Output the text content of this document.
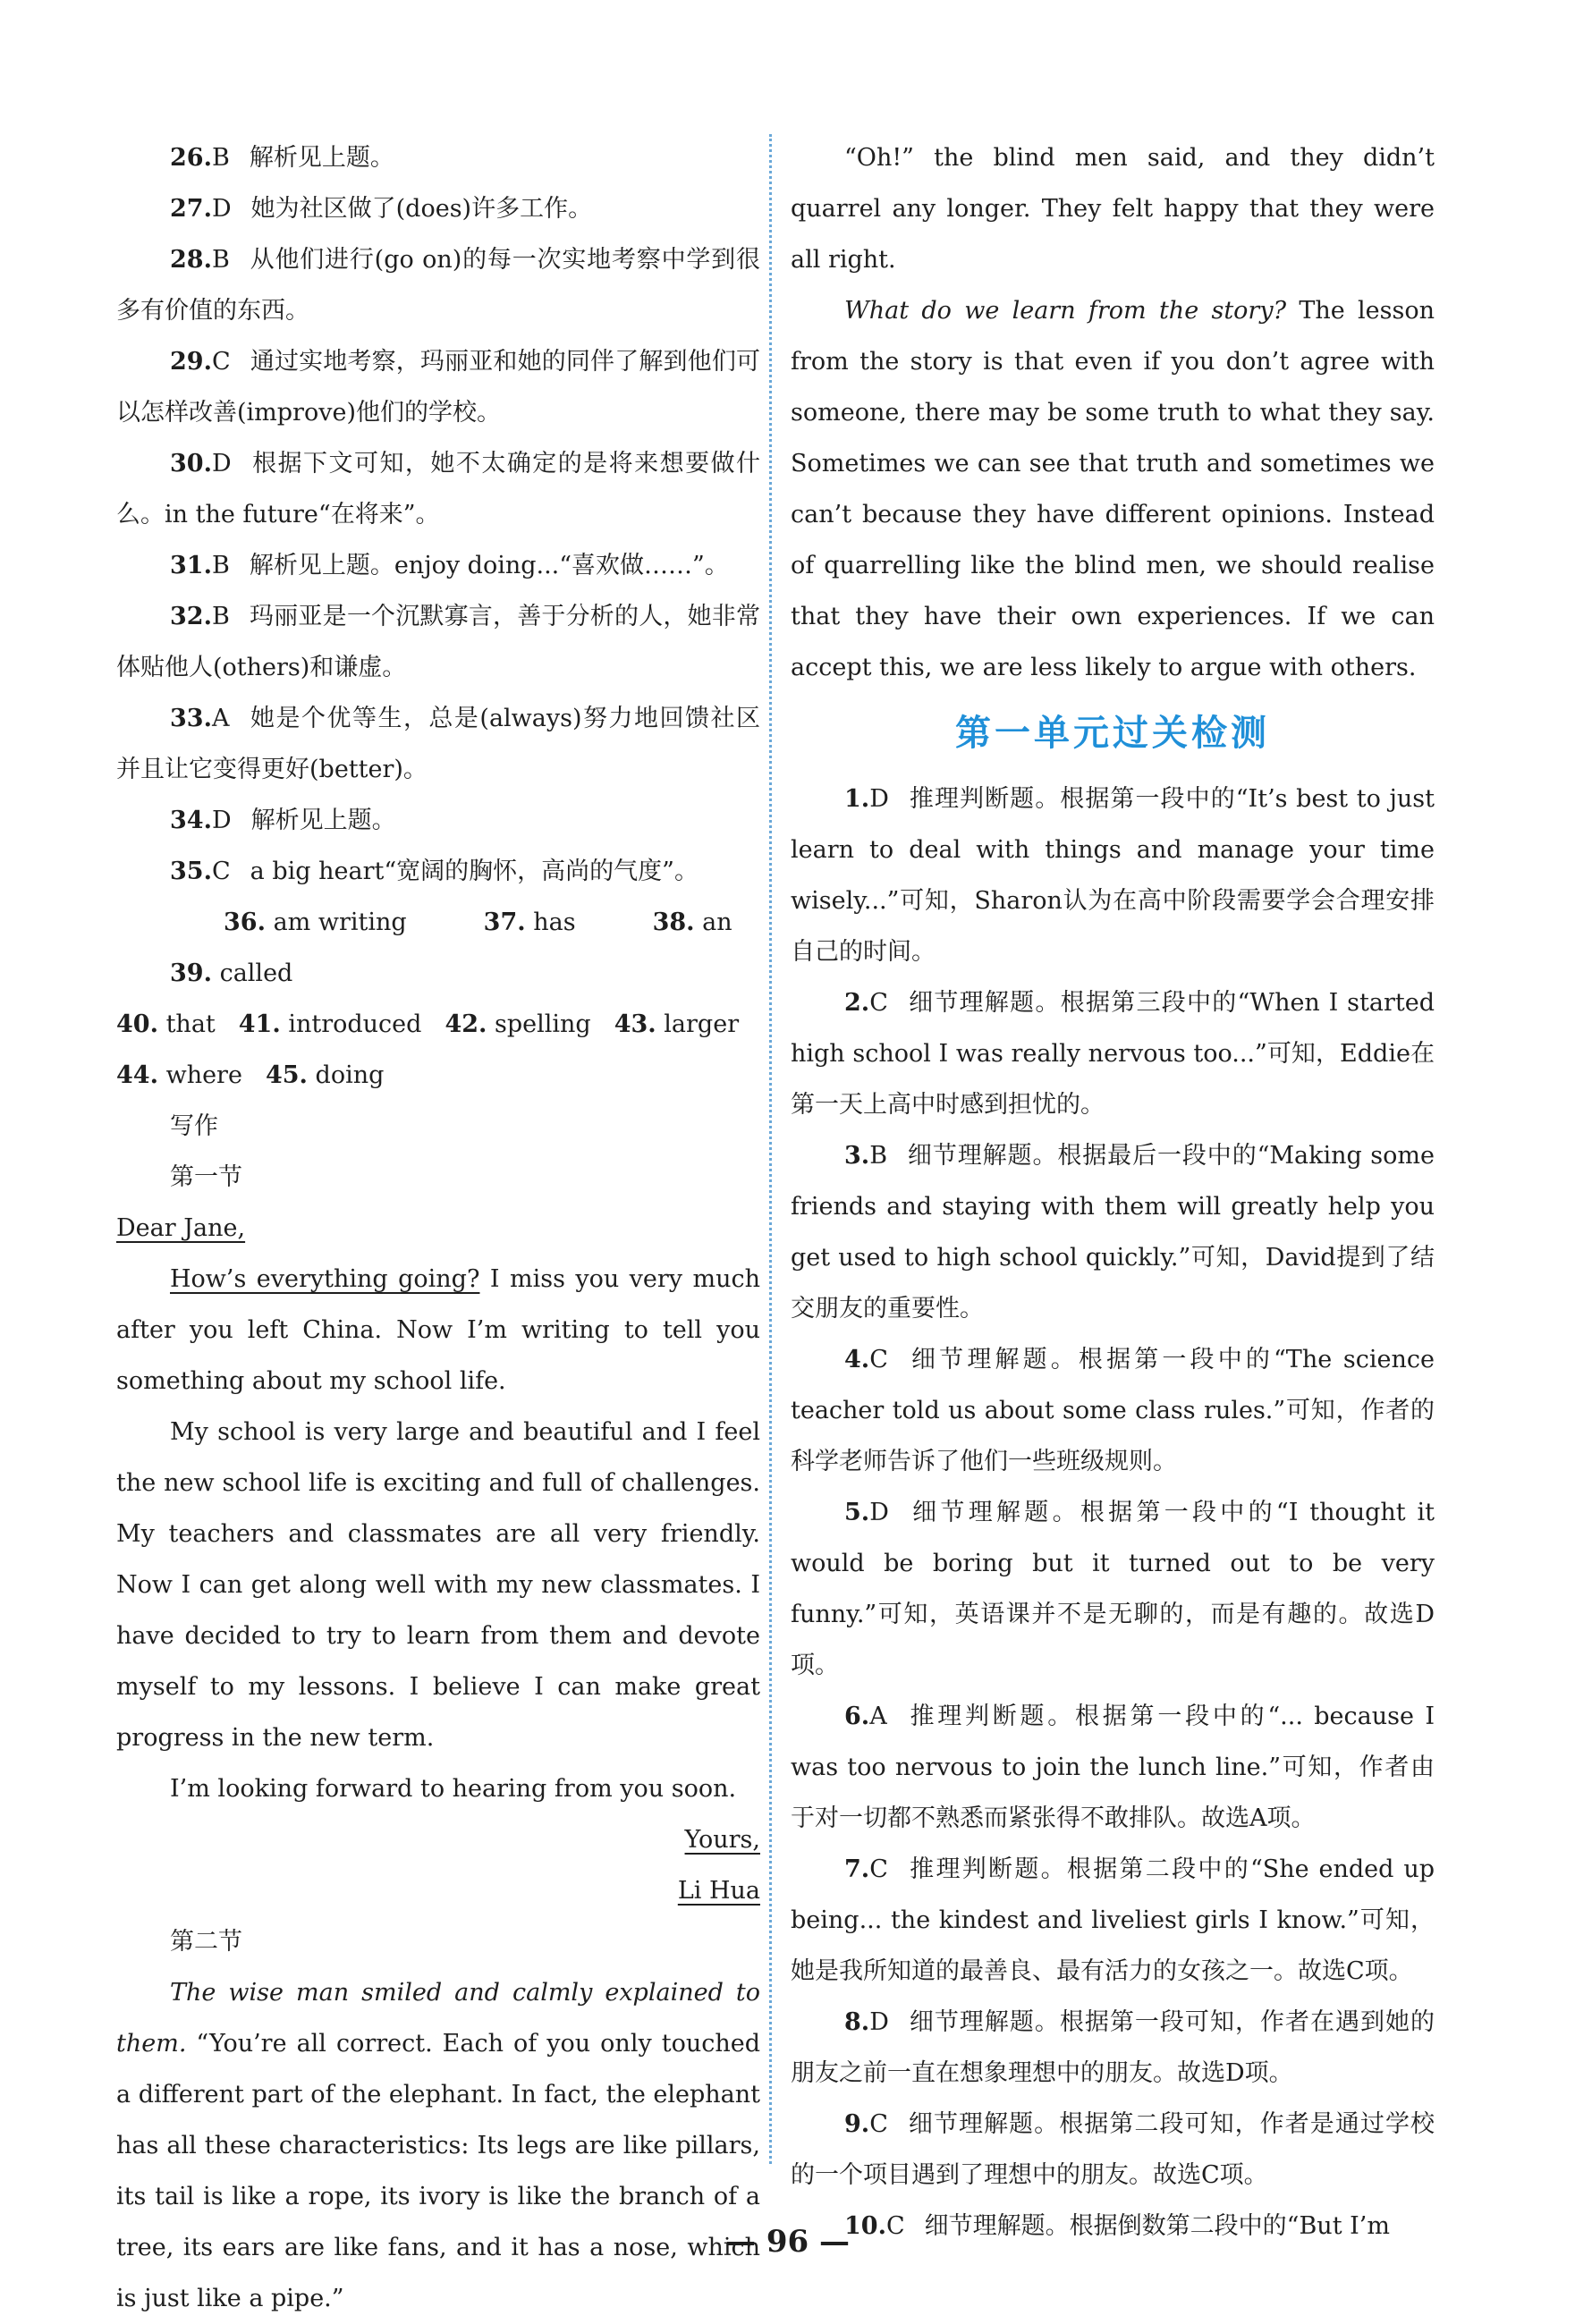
26.B 解析见上题。

27.D 她为社区做了(does)许多工作。

28.B 从他们进行(go on)的每一次实地考察中学到很多有价值的东西。

29.C 通过实地考察，玛丽亚和她的同伴了解到他们可以怎样改善(improve)他们的学校。

30.D 根据下文可知，她不太确定的是将来想要做什么。in the future“在将来”。

31.B 解析见上题。enjoy doing...“喜欢做……”。

32.B 玛丽亚是一个沉默寡言，善于分析的人，她非常体贴他人(others)和谦虚。

33.A 她是个优等生，总是(always)努力地回馈社区并且让它变得更好(better)。

34.D 解析见上题。

35.C a big heart“宽阔的胸怀，高尚的气度”。

36. am writing	37. has	38. an39. called

40. that 41. introduced 42. spelling 43. larger

44. where 45. doing

写作

第一节

Dear Jane,

How’s everything going? I miss you very much after you left China. Now I’m writing to tell you something about my school life.

My school is very large and beautiful and I feel the new school life is exciting and full of challenges. My teachers and classmates are all very friendly. Now I can get along well with my new classmates. I have decided to try to learn from them and devote myself to my lessons. I believe I can make great progress in the new term.

I’m looking forward to hearing from you soon.

Yours,

Li Hua

第二节

The wise man smiled and calmly explained to them. “You’re all correct. Each of you only touched a different part of the elephant. In fact, the elephant has all these characteristics: Its legs are like pillars, its tail is like a rope, its ivory is like the branch of a tree, its ears are like fans, and it has a nose, which is just like a pipe.”

“Oh!” the blind men said, and they didn’t quarrel any longer. They felt happy that they were all right.

What do we learn from the story? The lesson from the story is that even if you don’t agree with someone, there may be some truth to what they say. Sometimes we can see that truth and sometimes we can’t because they have different opinions. Instead of quarrelling like the blind men, we should realise that they have their own experiences. If we can accept this, we are less likely to argue with others.

第一单元过关检测

1.D 推理判断题。根据第一段中的“It’s best to just learn to deal with things and manage your time wisely...”可知，Sharon认为在高中阶段需要学会合理安排自己的时间。

2.C 细节理解题。根据第三段中的“When I started high school I was really nervous too...”可知，Eddie在第一天上高中时感到担忧的。

3.B 细节理解题。根据最后一段中的“Making some friends and staying with them will greatly help you get used to high school quickly.”可知，David提到了结交朋友的重要性。

4.C 细节理解题。根据第一段中的“The science teacher told us about some class rules.”可知，作者的科学老师告诉了他们一些班级规则。

5.D 细节理解题。根据第一段中的“I thought it would be boring but it turned out to be very funny.”可知，英语课并不是无聊的，而是有趣的。故选D项。

6.A 推理判断题。根据第一段中的“... because I was too nervous to join the lunch line.”可知，作者由于对一切都不熟悉而紧张得不敢排队。故选A项。

7.C 推理判断题。根据第二段中的“She ended up being... the kindest and liveliest girls I know.”可知，她是我所知道的最善良、最有活力的女孩之一。故选C项。

8.D 细节理解题。根据第一段可知，作者在遇到她的朋友之前一直在想象理想中的朋友。故选D项。

9.C 细节理解题。根据第二段可知，作者是通过学校的一个项目遇到了理想中的朋友。故选C项。

10.C 细节理解题。根据倒数第二段中的“But I’m

— 96 —
